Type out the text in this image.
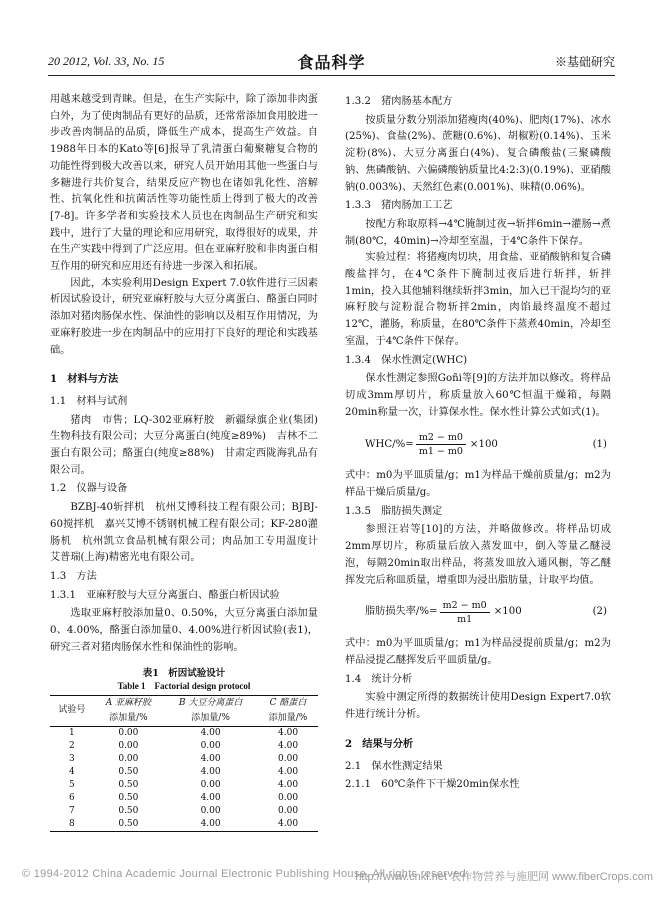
20 2012, Vol. 33, No. 15	食品科学	※基础研究

用越来越受到青睐。但是，在生产实际中，除了添加非肉蛋白外，为了使肉制品有更好的品质，还常常添加食用胶进一步改善肉制品的品质，降低生产成本，提高生产效益。自1988年日本的Kato等[6]报导了乳清蛋白葡聚糖复合物的功能性得到极大改善以来，研究人员开始用其他一些蛋白与多糖进行共价复合，结果反应产物也在诸如乳化性、溶解性、抗氧化性和抗菌活性等功能性质上得到了极大的改善[7-8]。许多学者和实验技术人员也在肉制品生产研究和实践中，进行了大量的理论和应用研究，取得很好的成果，并在生产实践中得到了广泛应用。但在亚麻籽胶和非肉蛋白相互作用的研究和应用还有待进一步深入和拓展。

因此，本实验利用Design Expert 7.0软件进行三因素析因试验设计，研究亚麻籽胶与大豆分离蛋白、酪蛋白同时添加对猪肉肠保水性、保油性的影响以及相互作用情况，为亚麻籽胶进一步在肉制品中的应用打下良好的理论和实践基础。

1　材料与方法
1.1　材料与试剂

猪肉　市售；LQ-302亚麻籽胶　新疆绿旗企业(集团)生物科技有限公司；大豆分离蛋白(纯度≥89%)　吉林不二蛋白有限公司；酪蛋白(纯度≥88%)　甘肃定西陇海乳品有限公司。

1.2　仪器与设备

BZBJ-40斩拌机　杭州艾博科技工程有限公司；BJBJ-60搅拌机　嘉兴艾博不锈钢机械工程有限公司；KF-280灌肠机　杭州凯立食品机械有限公司；肉品加工专用温度计　艾普瑞(上海)精密光电有限公司。

1.3　方法
1.3.1　亚麻籽胶与大豆分离蛋白、酪蛋白析因试验

选取亚麻籽胶添加量0、0.50%，大豆分离蛋白添加量0、4.00%，酪蛋白添加量0、4.00%进行析因试验(表1)，研究三者对猪肉肠保水性和保油性的影响。

表1　析因试验设计
Table 1　Factorial design protocol
试验号	A 亚麻籽胶	B 大豆分离蛋白	C 酪蛋白
	添加量/%	添加量/%	添加量/%
1	0.00	4.00	4.00
2	0.00	0.00	4.00
3	0.00	4.00	0.00
4	0.50	4.00	4.00
5	0.50	0.00	4.00
6	0.50	4.00	0.00
7	0.50	0.00	0.00
8	0.50	4.00	4.00
1.3.2　猪肉肠基本配方

按质量分数分别添加猪瘦肉(40%)、肥肉(17%)、冰水(25%)、食盐(2%)、蔗糖(0.6%)、胡椒粉(0.14%)、玉米淀粉(8%)、大豆分离蛋白(4%)、复合磷酸盐(三聚磷酸钠、焦磷酸钠、六偏磷酸钠质量比4:2:3)(0.19%)、亚硝酸钠(0.003%)、天然红色素(0.001%)、味精(0.06%)。

1.3.3　猪肉肠加工工艺

按配方称取原料→4℃腌制过夜→斩拌6min→灌肠→煮制(80℃，40min)→冷却至室温，于4℃条件下保存。

实验过程：将猪瘦肉切块，用食盐、亚硝酸钠和复合磷酸盐拌匀，在4℃条件下腌制过夜后进行斩拌，斩拌1min，投入其他辅料继续斩拌3min，加入已干混均匀的亚麻籽胶与淀粉混合物斩拌2min，肉馅最终温度不超过12℃，灌肠，称质量，在80℃条件下蒸煮40min，冷却至室温，于4℃条件下保存。

1.3.4　保水性测定(WHC)

保水性测定参照Goñi等[9]的方法并加以修改。将样品切成3mm厚切片，称质量放入60℃恒温干燥箱，每隔20min称量一次，计算保水性。保水性计算公式如式(1)。

$WHC/\%= \frac{m2 - m0}{m1 - m0} \times 100$	(1)

式中：m0为平皿质量/g；m1为样品干燥前质量/g；m2为样品干燥后质量/g。

1.3.5　脂肪损失测定

参照汪岩等[10]的方法，并略做修改。将样品切成2mm厚切片，称质量后放入蒸发皿中，倒入等量乙醚浸泡，每隔20min取出样品，将蒸发皿放入通风橱，等乙醚挥发完后称皿质量，增重即为浸出脂肪量，计取平均值。

脂肪损失率/%= $\frac{m2 - m0}{m1} \times 100$	(2)

式中：m0为平皿质量/g；m1为样品浸提前质量/g；m2为样品浸提乙醚挥发后平皿质量/g。

1.4　统计分析

实验中测定所得的数据统计使用Design Expert7.0软件进行统计分析。

2　结果与分析
2.1　保水性测定结果
2.1.1　60℃条件下干燥20min保水性
© 1994-2012 China Academic Journal Electronic Publishing House. All rights reserved.
http://www.cnki.net 农作物营养与施肥网 www.fiberCrops.com
